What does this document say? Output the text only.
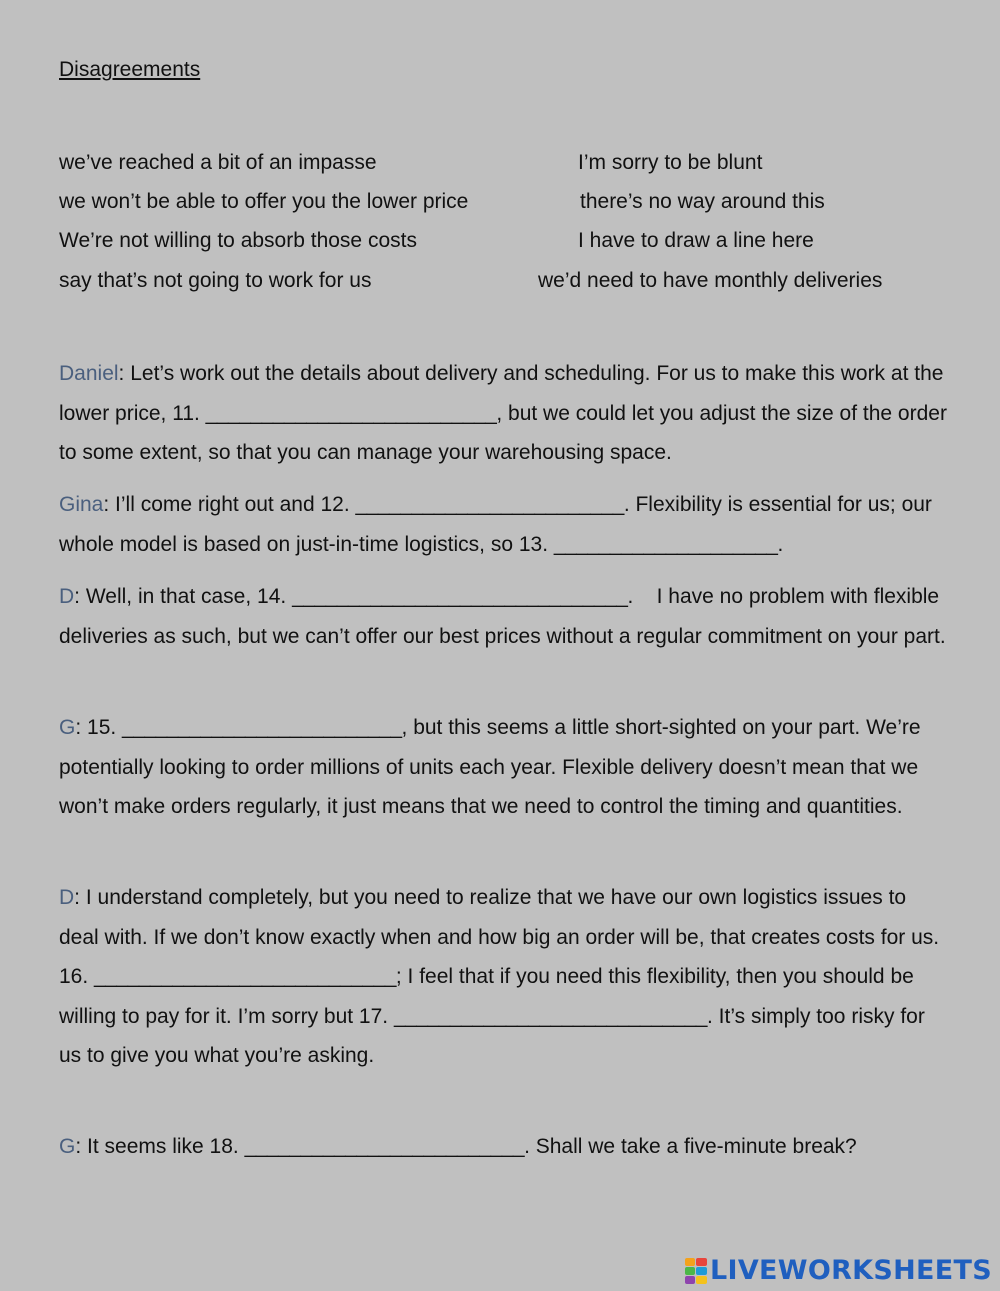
Disagreements
we’ve reached a bit of an impasse
we won’t be able to offer you the lower price
We’re not willing to absorb those costs
say that’s not going to work for us
I’m sorry to be blunt
there’s no way around this
I have to draw a line here
we’d need to have monthly deliveries
Daniel: Let’s work out the details about delivery and scheduling. For us to make this work at the lower price, 11. __________________________, but we could let you adjust the size of the order to some extent, so that you can manage your warehousing space.
Gina: I’ll come right out and 12. ________________________. Flexibility is essential for us; our whole model is based on just-in-time logistics, so 13. ____________________.
D: Well, in that case, 14. ______________________________.    I have no problem with flexible deliveries as such, but we can’t offer our best prices without a regular commitment on your part.
G: 15. _________________________, but this seems a little short-sighted on your part. We’re potentially looking to order millions of units each year. Flexible delivery doesn’t mean that we won’t make orders regularly, it just means that we need to control the timing and quantities.
D: I understand completely, but you need to realize that we have our own logistics issues to deal with. If we don’t know exactly when and how big an order will be, that creates costs for us. 16. ___________________________; I feel that if you need this flexibility, then you should be willing to pay for it. I’m sorry but 17. ____________________________. It’s simply too risky for us to give you what you’re asking.
G: It seems like 18. _________________________. Shall we take a five-minute break?
LIVEWORKSHEETS
